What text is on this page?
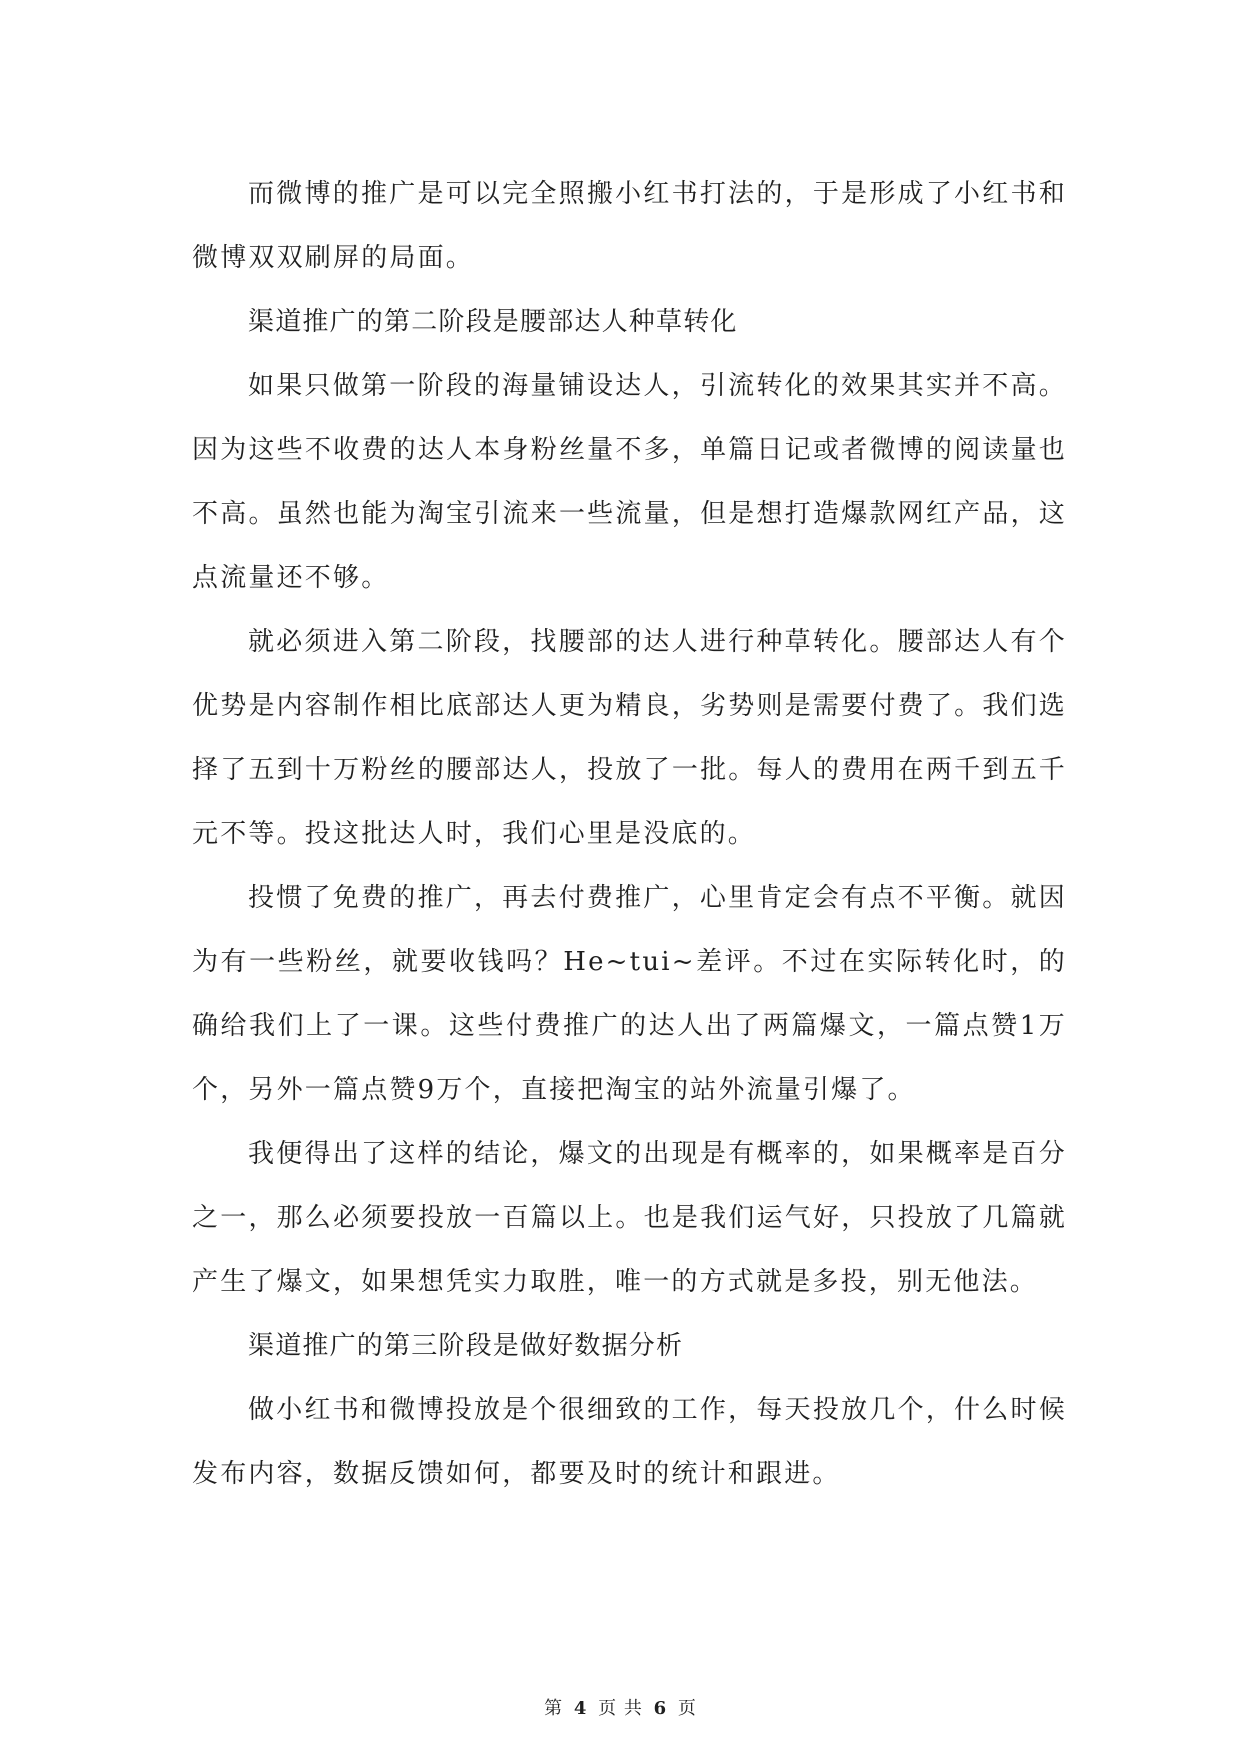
而微博的推广是可以完全照搬小红书打法的，于是形成了小红书和微博双双刷屏的局面。

渠道推广的第二阶段是腰部达人种草转化

如果只做第一阶段的海量铺设达人，引流转化的效果其实并不高。因为这些不收费的达人本身粉丝量不多，单篇日记或者微博的阅读量也不高。虽然也能为淘宝引流来一些流量，但是想打造爆款网红产品，这点流量还不够。

就必须进入第二阶段，找腰部的达人进行种草转化。腰部达人有个优势是内容制作相比底部达人更为精良，劣势则是需要付费了。我们选择了五到十万粉丝的腰部达人，投放了一批。每人的费用在两千到五千元不等。投这批达人时，我们心里是没底的。

投惯了免费的推广，再去付费推广，心里肯定会有点不平衡。就因为有一些粉丝，就要收钱吗？He~tui~差评。不过在实际转化时，的确给我们上了一课。这些付费推广的达人出了两篇爆文，一篇点赞1万个，另外一篇点赞9万个，直接把淘宝的站外流量引爆了。

我便得出了这样的结论，爆文的出现是有概率的，如果概率是百分之一，那么必须要投放一百篇以上。也是我们运气好，只投放了几篇就产生了爆文，如果想凭实力取胜，唯一的方式就是多投，别无他法。

渠道推广的第三阶段是做好数据分析

做小红书和微博投放是个很细致的工作，每天投放几个，什么时候发布内容，数据反馈如何，都要及时的统计和跟进。

第 4 页 共 6 页
